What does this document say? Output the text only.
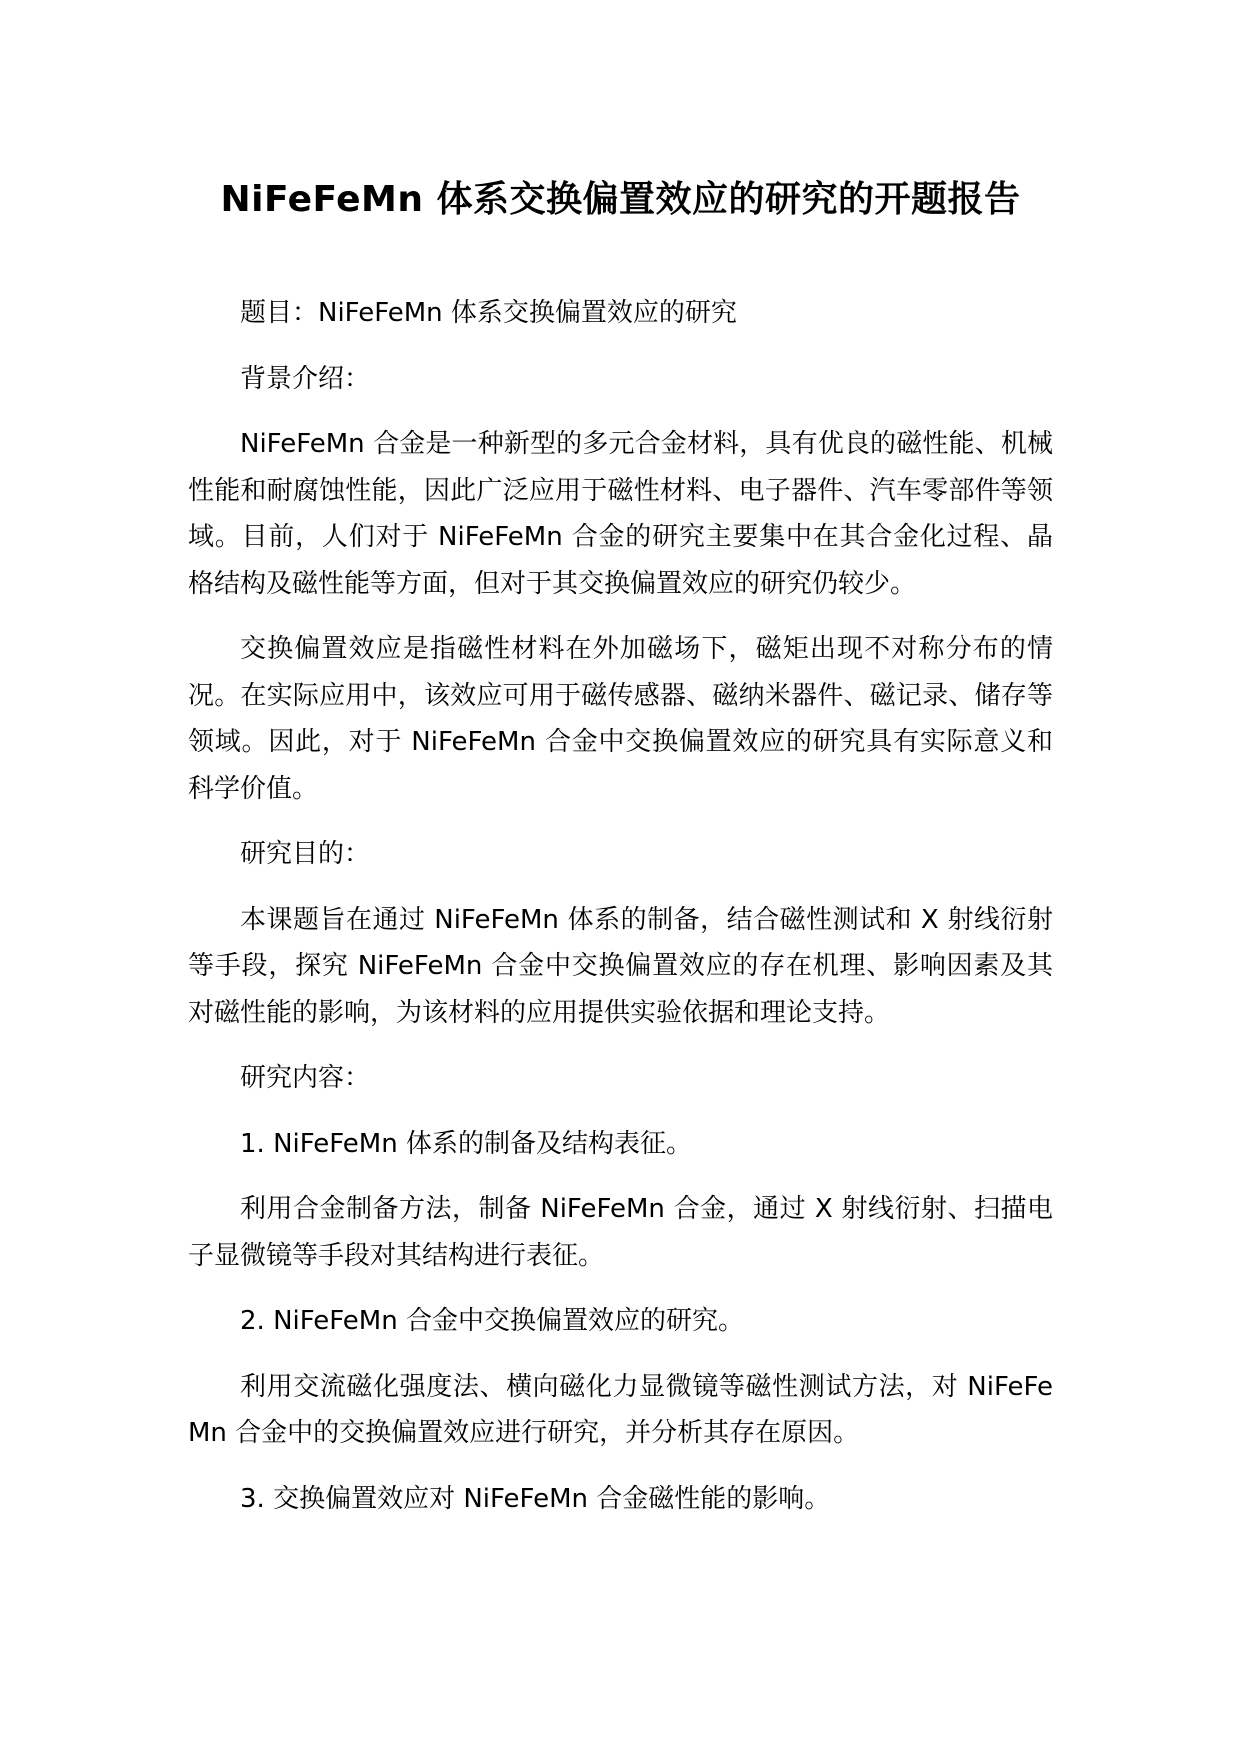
NiFeFeMn 体系交换偏置效应的研究的开题报告

题目：NiFeFeMn 体系交换偏置效应的研究

背景介绍：

NiFeFeMn 合金是一种新型的多元合金材料，具有优良的磁性能、机械性能和耐腐蚀性能，因此广泛应用于磁性材料、电子器件、汽车零部件等领域。目前，人们对于 NiFeFeMn 合金的研究主要集中在其合金化过程、晶格结构及磁性能等方面，但对于其交换偏置效应的研究仍较少。

交换偏置效应是指磁性材料在外加磁场下，磁矩出现不对称分布的情况。在实际应用中，该效应可用于磁传感器、磁纳米器件、磁记录、储存等领域。因此，对于 NiFeFeMn 合金中交换偏置效应的研究具有实际意义和科学价值。

研究目的：

本课题旨在通过 NiFeFeMn 体系的制备，结合磁性测试和 X 射线衍射等手段，探究 NiFeFeMn 合金中交换偏置效应的存在机理、影响因素及其对磁性能的影响，为该材料的应用提供实验依据和理论支持。

研究内容：

1. NiFeFeMn 体系的制备及结构表征。

利用合金制备方法，制备 NiFeFeMn 合金，通过 X 射线衍射、扫描电子显微镜等手段对其结构进行表征。

2. NiFeFeMn 合金中交换偏置效应的研究。

利用交流磁化强度法、横向磁化力显微镜等磁性测试方法，对 NiFeFeMn 合金中的交换偏置效应进行研究，并分析其存在原因。

3. 交换偏置效应对 NiFeFeMn 合金磁性能的影响。
